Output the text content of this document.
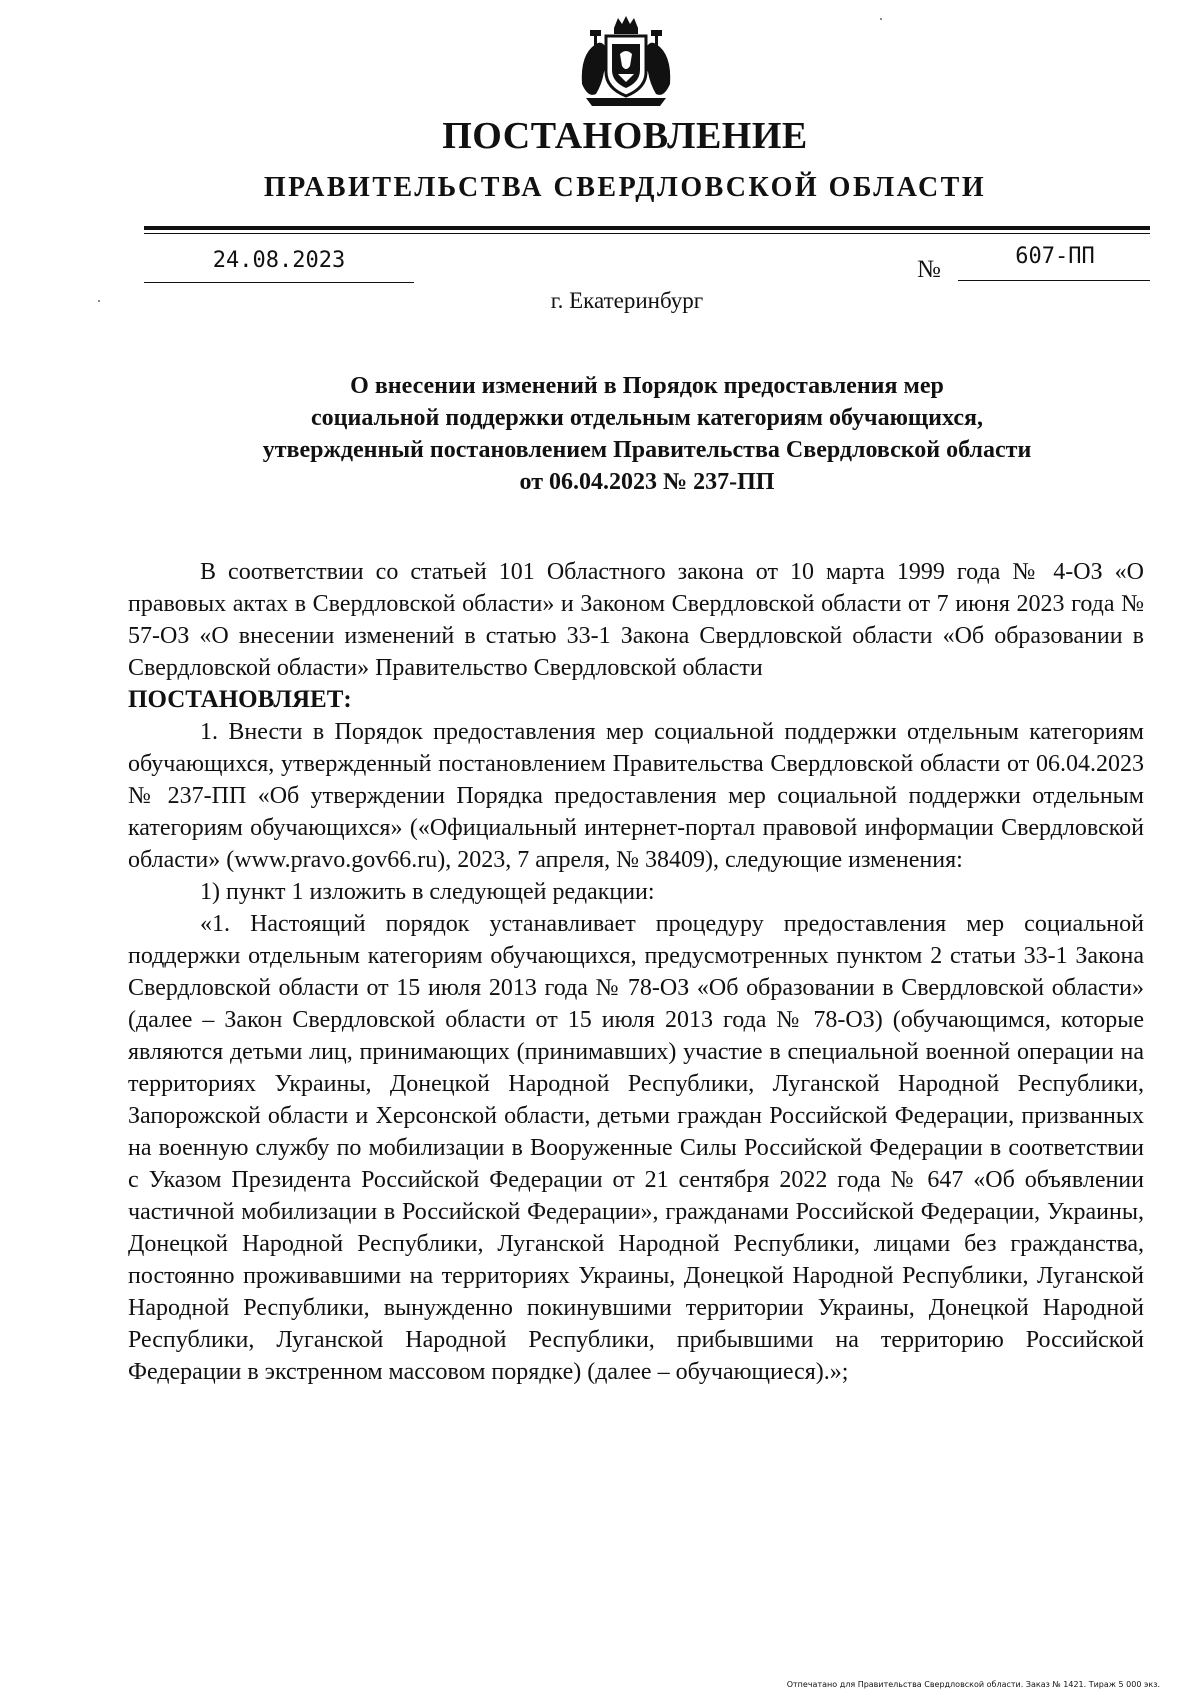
ПОСТАНОВЛЕНИЕ
ПРАВИТЕЛЬСТВА СВЕРДЛОВСКОЙ ОБЛАСТИ
24.08.2023	№	607-ПП
г. Екатеринбург
О внесении изменений в Порядок предоставления мер
социальной поддержки отдельным категориям обучающихся,
утвержденный постановлением Правительства Свердловской области
от 06.04.2023 № 237-ПП

В соответствии со статьей 101 Областного закона от 10 марта 1999 года № 4-ОЗ «О правовых актах в Свердловской области» и Законом Свердловской области от 7 июня 2023 года № 57-ОЗ «О внесении изменений в статью 33-1 Закона Свердловской области «Об образовании в Свердловской области» Правительство Свердловской области

ПОСТАНОВЛЯЕТ:

1. Внести в Порядок предоставления мер социальной поддержки отдельным категориям обучающихся, утвержденный постановлением Правительства Свердловской области от 06.04.2023 № 237-ПП «Об утверждении Порядка предоставления мер социальной поддержки отдельным категориям обучающихся» («Официальный интернет-портал правовой информации Свердловской области» (www.pravo.gov66.ru), 2023, 7 апреля, № 38409), следующие изменения:

1) пункт 1 изложить в следующей редакции:

«1. Настоящий порядок устанавливает процедуру предоставления мер социальной поддержки отдельным категориям обучающихся, предусмотренных пунктом 2 статьи 33-1 Закона Свердловской области от 15 июля 2013 года № 78-ОЗ «Об образовании в Свердловской области» (далее – Закон Свердловской области от 15 июля 2013 года № 78-ОЗ) (обучающимся, которые являются детьми лиц, принимающих (принимавших) участие в специальной военной операции на территориях Украины, Донецкой Народной Республики, Луганской Народной Республики, Запорожской области и Херсонской области, детьми граждан Российской Федерации, призванных на военную службу по мобилизации в Вооруженные Силы Российской Федерации в соответствии с Указом Президента Российской Федерации от 21 сентября 2022 года № 647 «Об объявлении частичной мобилизации в Российской Федерации», гражданами Российской Федерации, Украины, Донецкой Народной Республики, Луганской Народной Республики, лицами без гражданства, постоянно проживавшими на территориях Украины, Донецкой Народной Республики, Луганской Народной Республики, вынужденно покинувшими территории Украины, Донецкой Народной Республики, Луганской Народной Республики, прибывшими на территорию Российской Федерации в экстренном массовом порядке) (далее – обучающиеся).»;

Отпечатано для Правительства Свердловской области. Заказ № 1421. Тираж 5 000 экз.
